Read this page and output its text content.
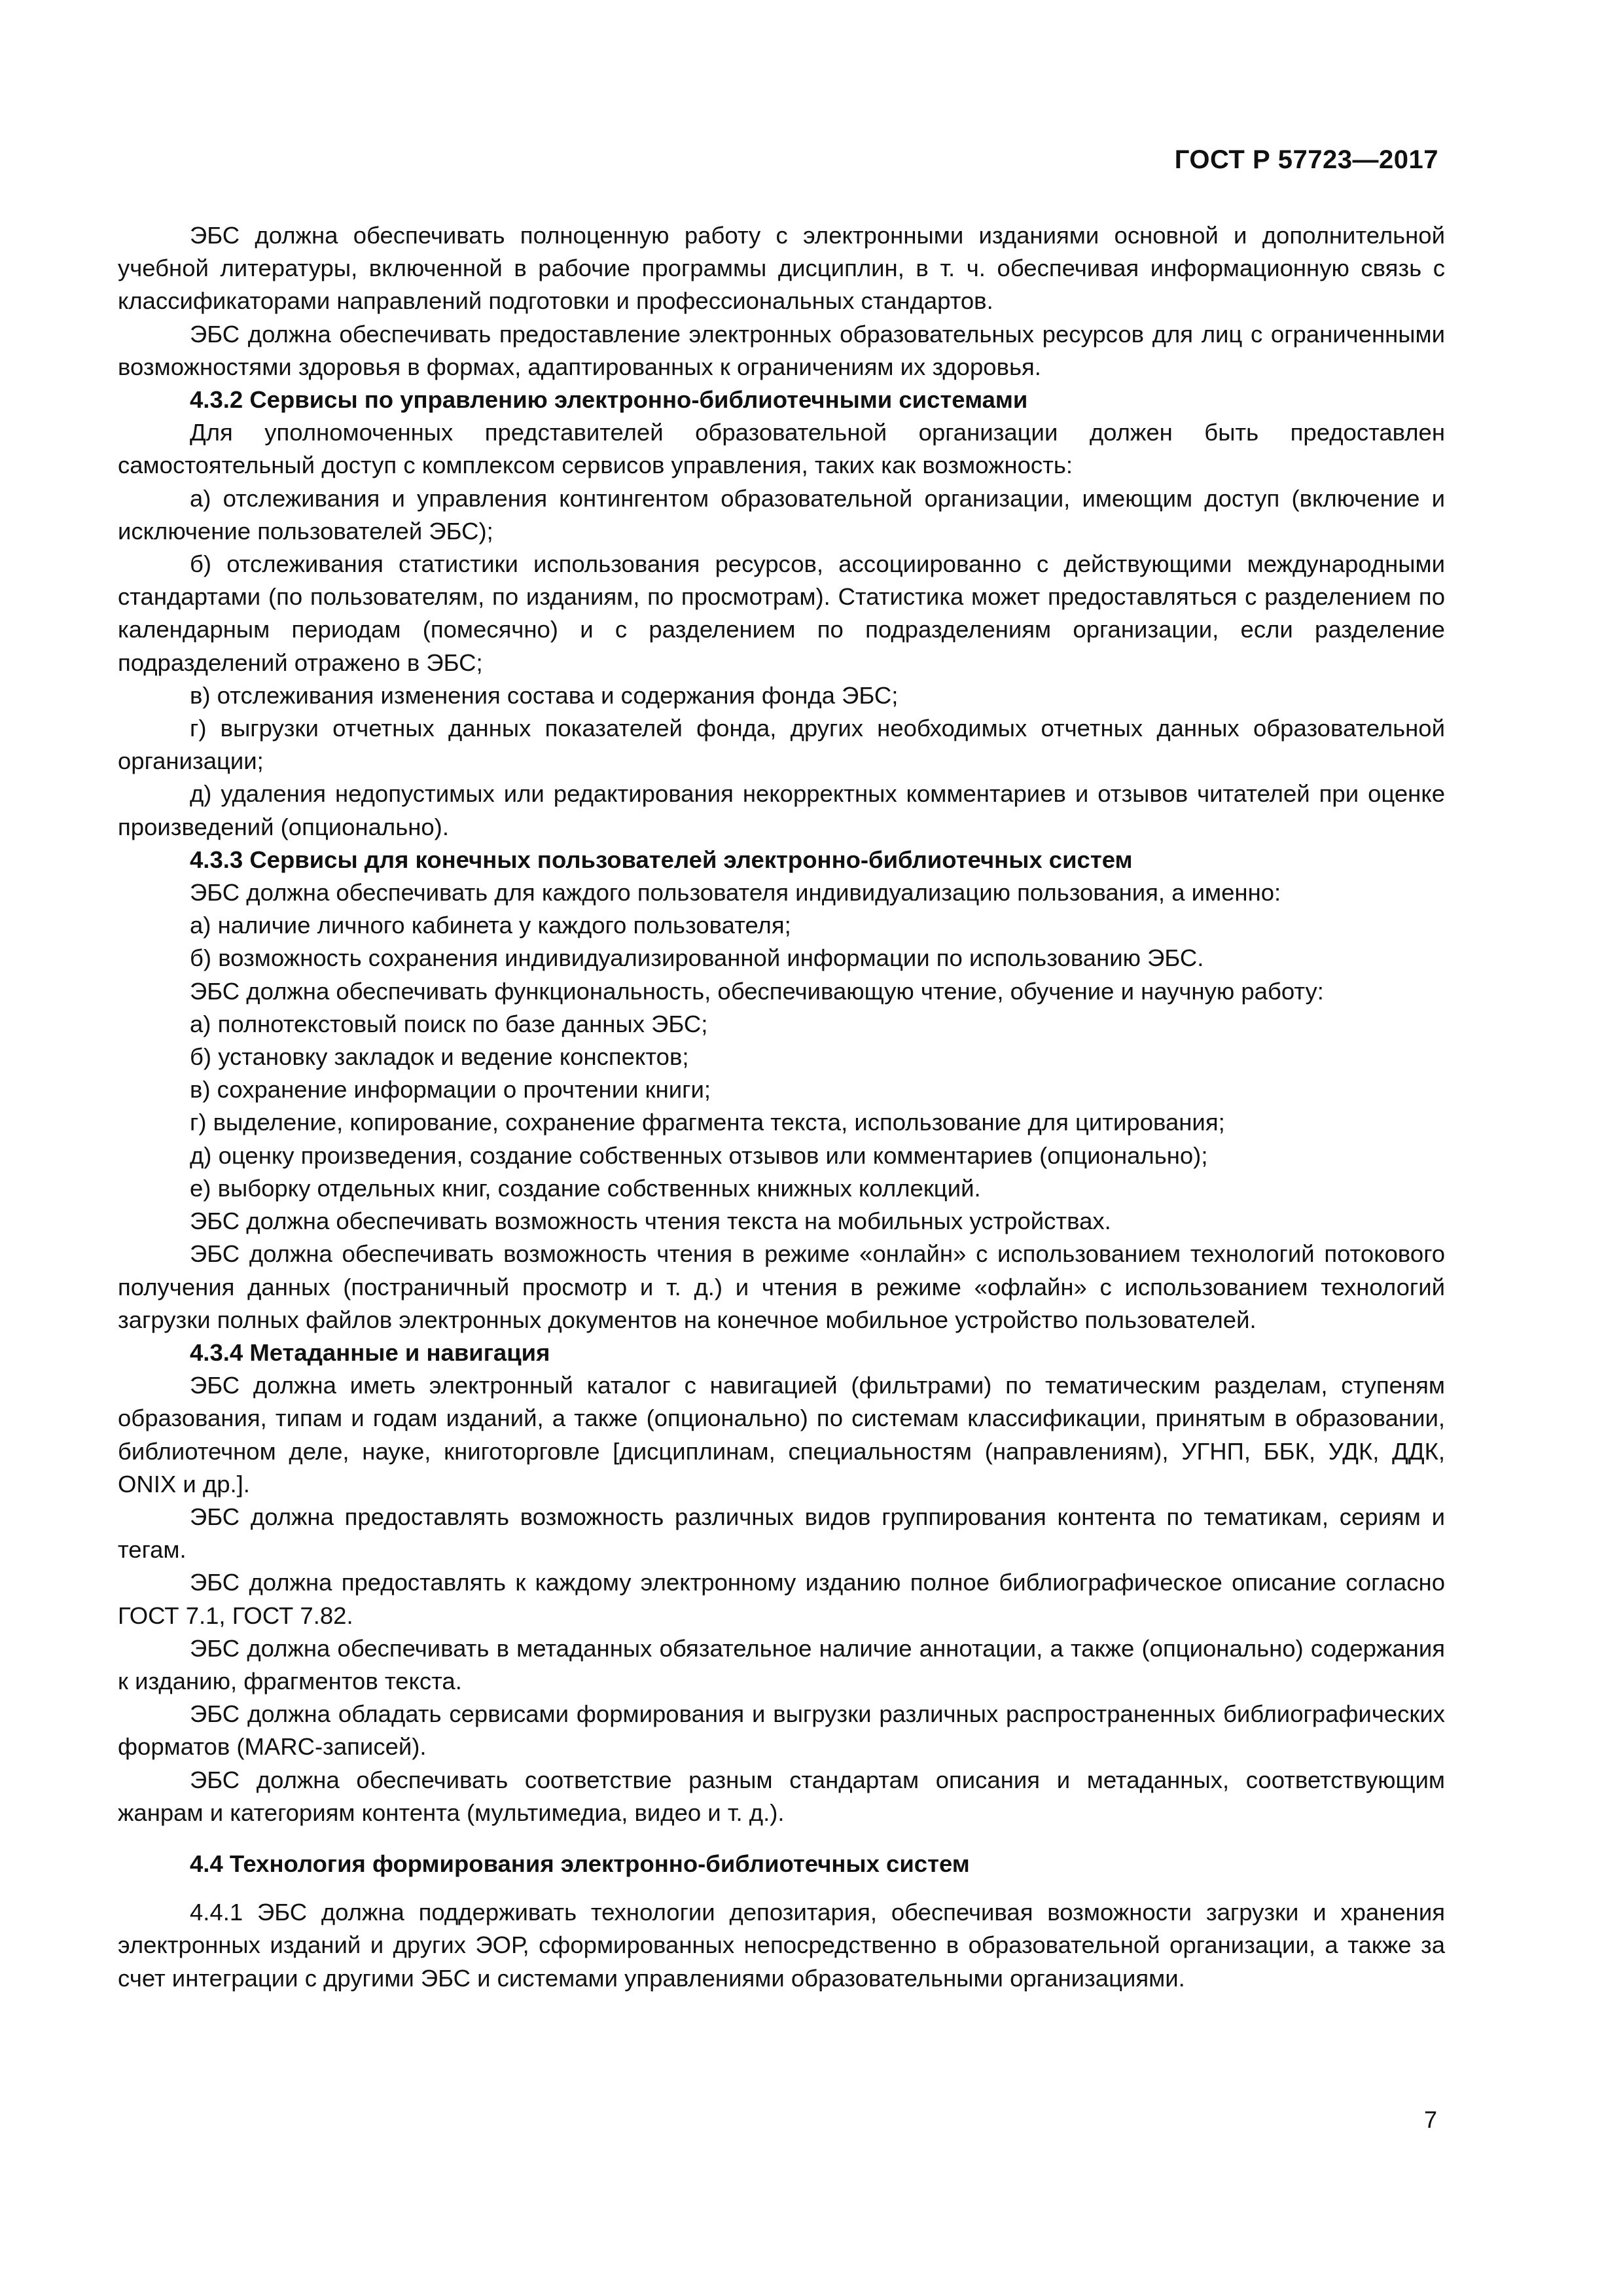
ГОСТ Р 57723—2017

ЭБС должна обеспечивать полноценную работу с электронными изданиями основной и дополнительной учебной литературы, включенной в рабочие программы дисциплин, в т. ч. обеспечивая информационную связь с классификаторами направлений подготовки и профессиональных стандартов.

ЭБС должна обеспечивать предоставление электронных образовательных ресурсов для лиц с ограниченными возможностями здоровья в формах, адаптированных к ограничениям их здоровья.

4.3.2 Сервисы по управлению электронно-библиотечными системами

Для уполномоченных представителей образовательной организации должен быть предоставлен самостоятельный доступ с комплексом сервисов управления, таких как возможность:

а) отслеживания и управления контингентом образовательной организации, имеющим доступ (включение и исключение пользователей ЭБС);

б) отслеживания статистики использования ресурсов, ассоциированно с действующими международными стандартами (по пользователям, по изданиям, по просмотрам). Статистика может предоставляться с разделением по календарным периодам (помесячно) и с разделением по подразделениям организации, если разделение подразделений отражено в ЭБС;

в) отслеживания изменения состава и содержания фонда ЭБС;

г) выгрузки отчетных данных показателей фонда, других необходимых отчетных данных образовательной организации;

д) удаления недопустимых или редактирования некорректных комментариев и отзывов читателей при оценке произведений (опционально).

4.3.3 Сервисы для конечных пользователей электронно-библиотечных систем

ЭБС должна обеспечивать для каждого пользователя индивидуализацию пользования, а именно:

а) наличие личного кабинета у каждого пользователя;

б) возможность сохранения индивидуализированной информации по использованию ЭБС.

ЭБС должна обеспечивать функциональность, обеспечивающую чтение, обучение и научную работу:

а) полнотекстовый поиск по базе данных ЭБС;

б) установку закладок и ведение конспектов;

в) сохранение информации о прочтении книги;

г) выделение, копирование, сохранение фрагмента текста, использование для цитирования;

д) оценку произведения, создание собственных отзывов или комментариев (опционально);

е) выборку отдельных книг, создание собственных книжных коллекций.

ЭБС должна обеспечивать возможность чтения текста на мобильных устройствах.

ЭБС должна обеспечивать возможность чтения в режиме «онлайн» с использованием технологий потокового получения данных (постраничный просмотр и т. д.) и чтения в режиме «офлайн» с использованием технологий загрузки полных файлов электронных документов на конечное мобильное устройство пользователей.

4.3.4 Метаданные и навигация

ЭБС должна иметь электронный каталог с навигацией (фильтрами) по тематическим разделам, ступеням образования, типам и годам изданий, а также (опционально) по системам классификации, принятым в образовании, библиотечном деле, науке, книготорговле [дисциплинам, специальностям (направлениям), УГНП, ББК, УДК, ДДК, ONIX и др.].

ЭБС должна предоставлять возможность различных видов группирования контента по тематикам, сериям и тегам.

ЭБС должна предоставлять к каждому электронному изданию полное библиографическое описание согласно ГОСТ 7.1, ГОСТ 7.82.

ЭБС должна обеспечивать в метаданных обязательное наличие аннотации, а также (опционально) содержания к изданию, фрагментов текста.

ЭБС должна обладать сервисами формирования и выгрузки различных распространенных библиографических форматов (MARC-записей).

ЭБС должна обеспечивать соответствие разным стандартам описания и метаданных, соответствующим жанрам и категориям контента (мультимедиа, видео и т. д.).

4.4 Технология формирования электронно-библиотечных систем

4.4.1 ЭБС должна поддерживать технологии депозитария, обеспечивая возможности загрузки и хранения электронных изданий и других ЭОР, сформированных непосредственно в образовательной организации, а также за счет интеграции с другими ЭБС и системами управлениями образовательными организациями.

7
